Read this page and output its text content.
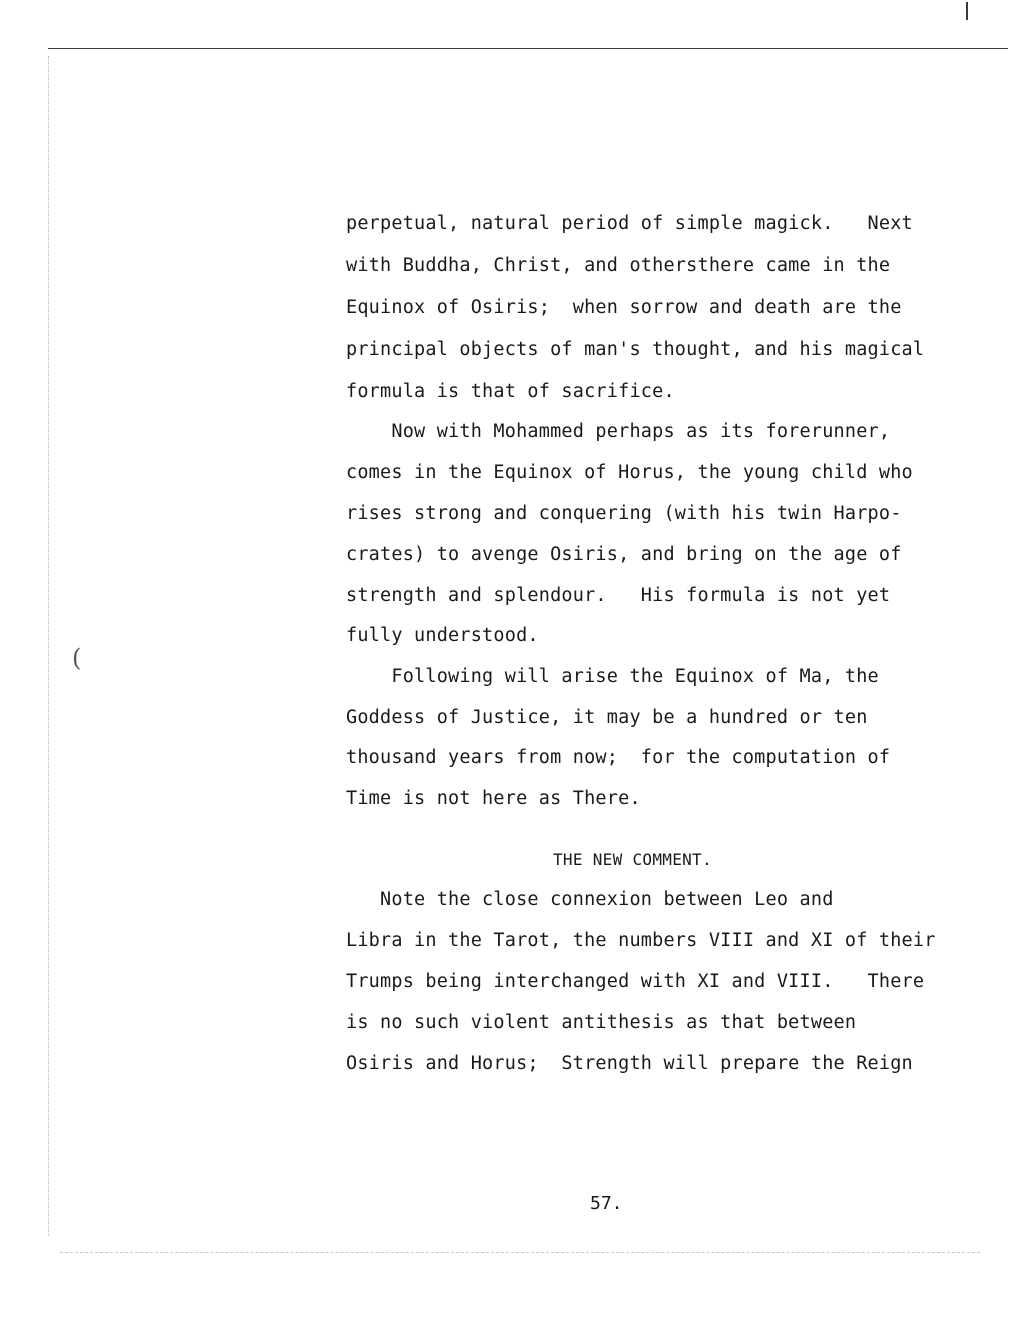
(
perpetual, natural period of simple magick.   Next
with Buddha, Christ, and othersthere came in the
Equinox of Osiris;  when sorrow and death are the
principal objects of man's thought, and his magical
formula is that of sacrifice.
Now with Mohammed perhaps as its forerunner,
comes in the Equinox of Horus, the young child who
rises strong and conquering (with his twin Harpo-
crates) to avenge Osiris, and bring on the age of
strength and splendour.   His formula is not yet
fully understood.
Following will arise the Equinox of Ma, the
Goddess of Justice, it may be a hundred or ten
thousand years from now;  for the computation of
Time is not here as There.
THE NEW COMMENT.
Note the close connexion between Leo and
Libra in the Tarot, the numbers VIII and XI of their
Trumps being interchanged with XI and VIII.   There
is no such violent antithesis as that between
Osiris and Horus;  Strength will prepare the Reign
57.
